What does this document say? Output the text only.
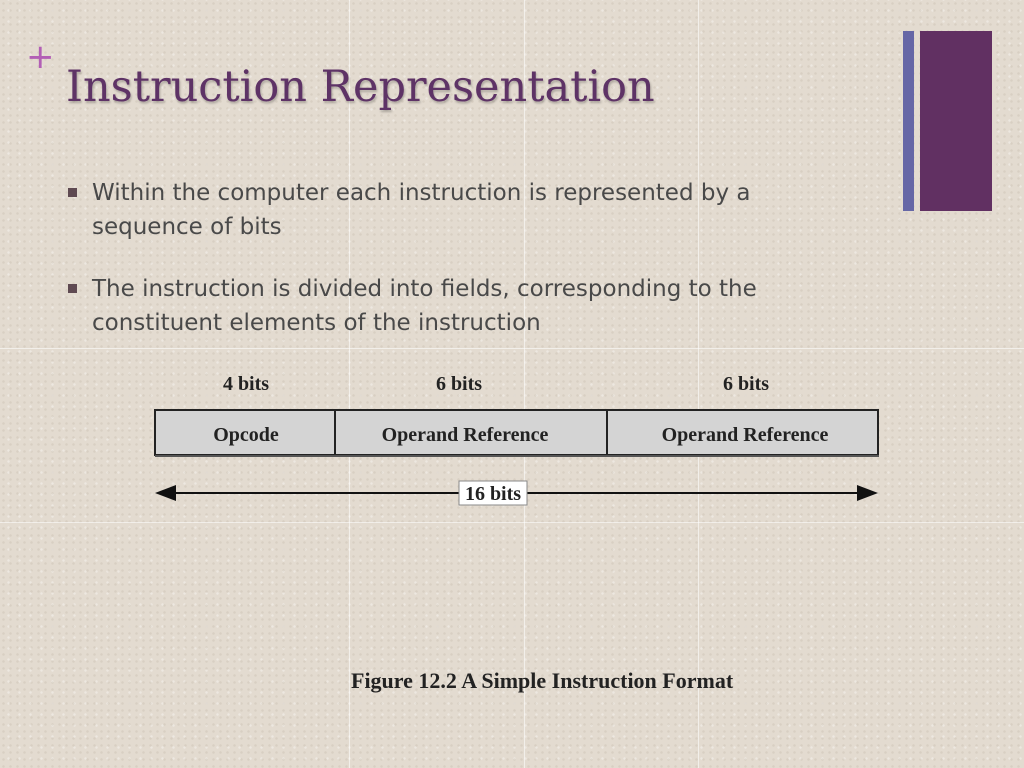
+
Instruction Representation
Within the computer each instruction is represented by a sequence of bits
The instruction is divided into fields, corresponding to the constituent elements of the instruction
4 bits	6 bits	6 bits
Opcode	Operand Reference	Operand Reference
16 bits

Figure 12.2 A Simple Instruction Format
